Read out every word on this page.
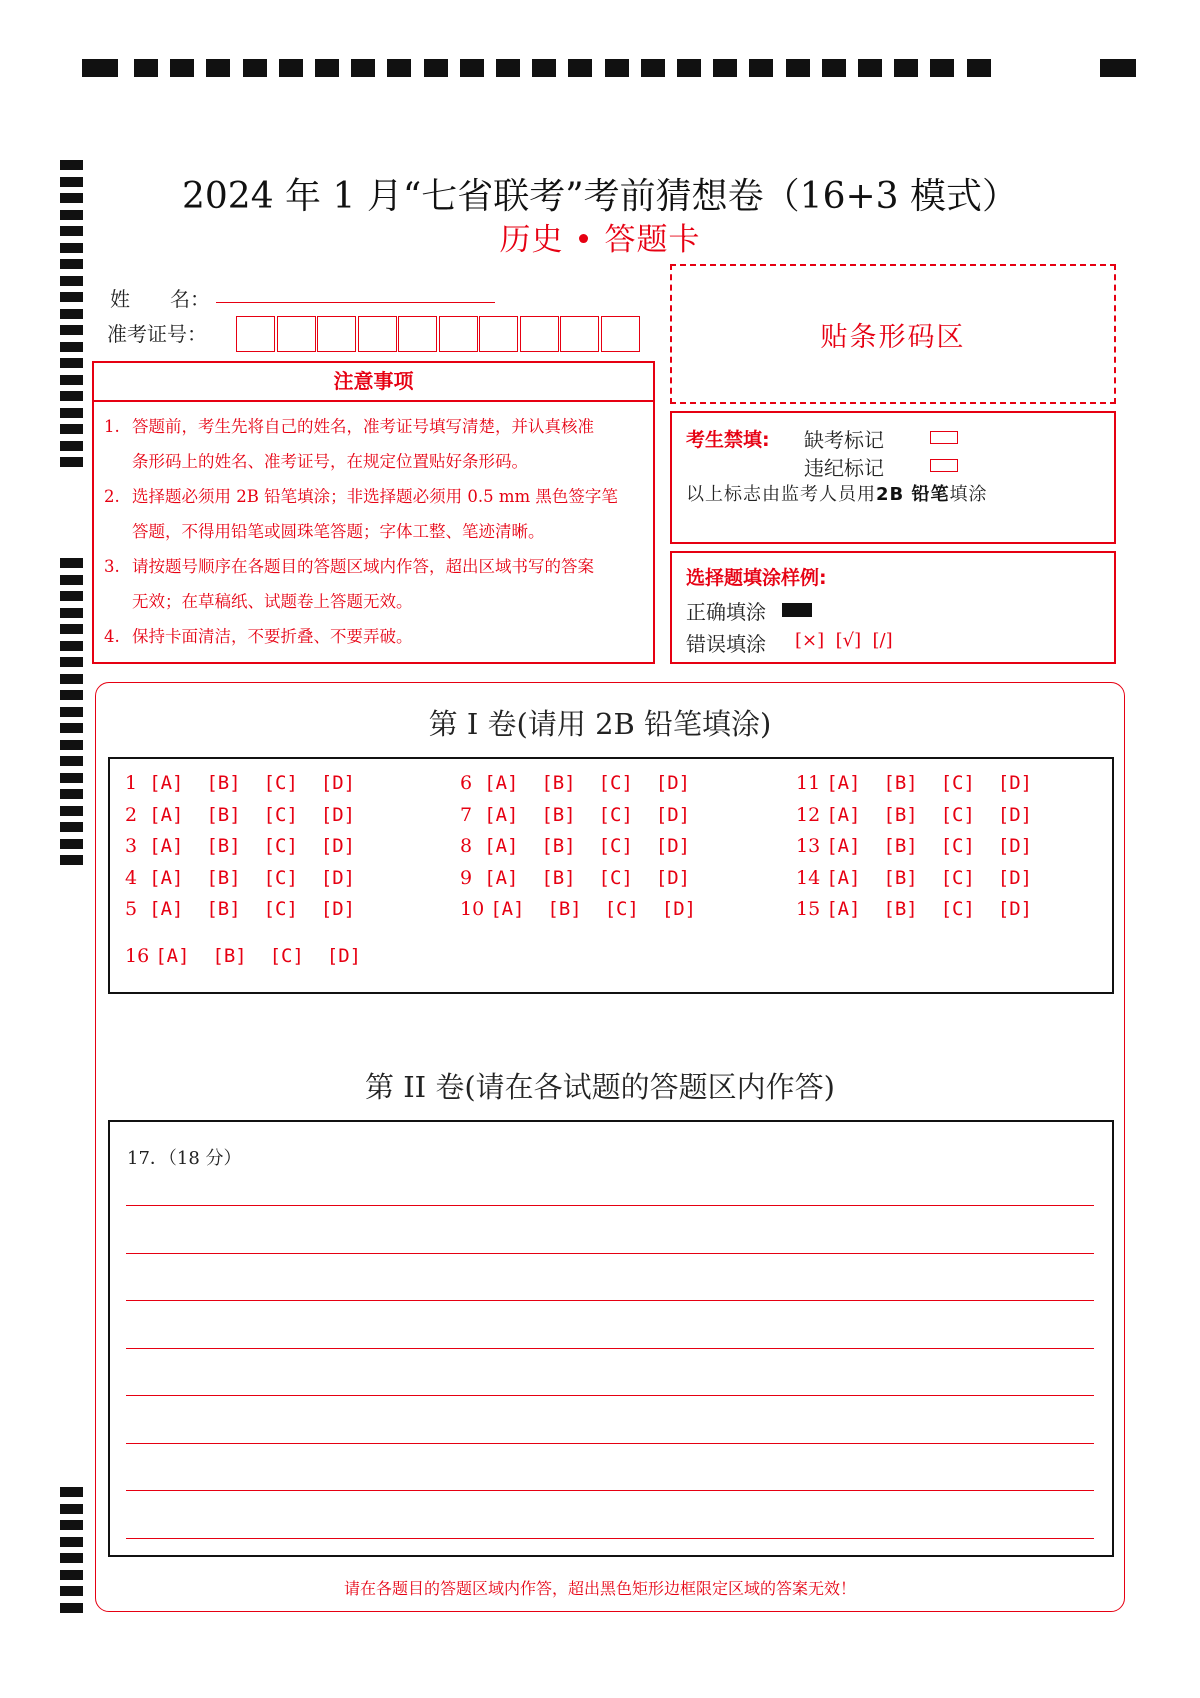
2024 年 1 月“七省联考”考前猜想卷（16+3 模式）
历史 • 答题卡
姓　　名：
准考证号：
注意事项
1. 答题前，考生先将自己的姓名，准考证号填写清楚，并认真核准
条形码上的姓名、准考证号，在规定位置贴好条形码。
2. 选择题必须用 2B 铅笔填涂；非选择题必须用 0.5 mm 黑色签字笔
答题，不得用铅笔或圆珠笔答题；字体工整、笔迹清晰。
3. 请按题号顺序在各题目的答题区域内作答，超出区域书写的答案
无效；在草稿纸、试题卷上答题无效。
4. 保持卡面清洁，不要折叠、不要弄破。
贴条形码区
考生禁填: 缺考标记
违纪标记
以上标志由监考人员用2B 铅笔填涂
选择题填涂样例:
正确填涂
错误填涂 [×]  [√]  [/]
第 I 卷(请用 2B 铅笔填涂)
1  [A]  [B]  [C]  [D]
2  [A]  [B]  [C]  [D]
3  [A]  [B]  [C]  [D]
4  [A]  [B]  [C]  [D]
5  [A]  [B]  [C]  [D]
6  [A]  [B]  [C]  [D]
7  [A]  [B]  [C]  [D]
8  [A]  [B]  [C]  [D]
9  [A]  [B]  [C]  [D]
10 [A]  [B]  [C]  [D]
11 [A]  [B]  [C]  [D]
12 [A]  [B]  [C]  [D]
13 [A]  [B]  [C]  [D]
14 [A]  [B]  [C]  [D]
15 [A]  [B]  [C]  [D]
16 [A]  [B]  [C]  [D]
第 II 卷(请在各试题的答题区内作答)
17．（18 分）
请在各题目的答题区域内作答，超出黑色矩形边框限定区域的答案无效！
